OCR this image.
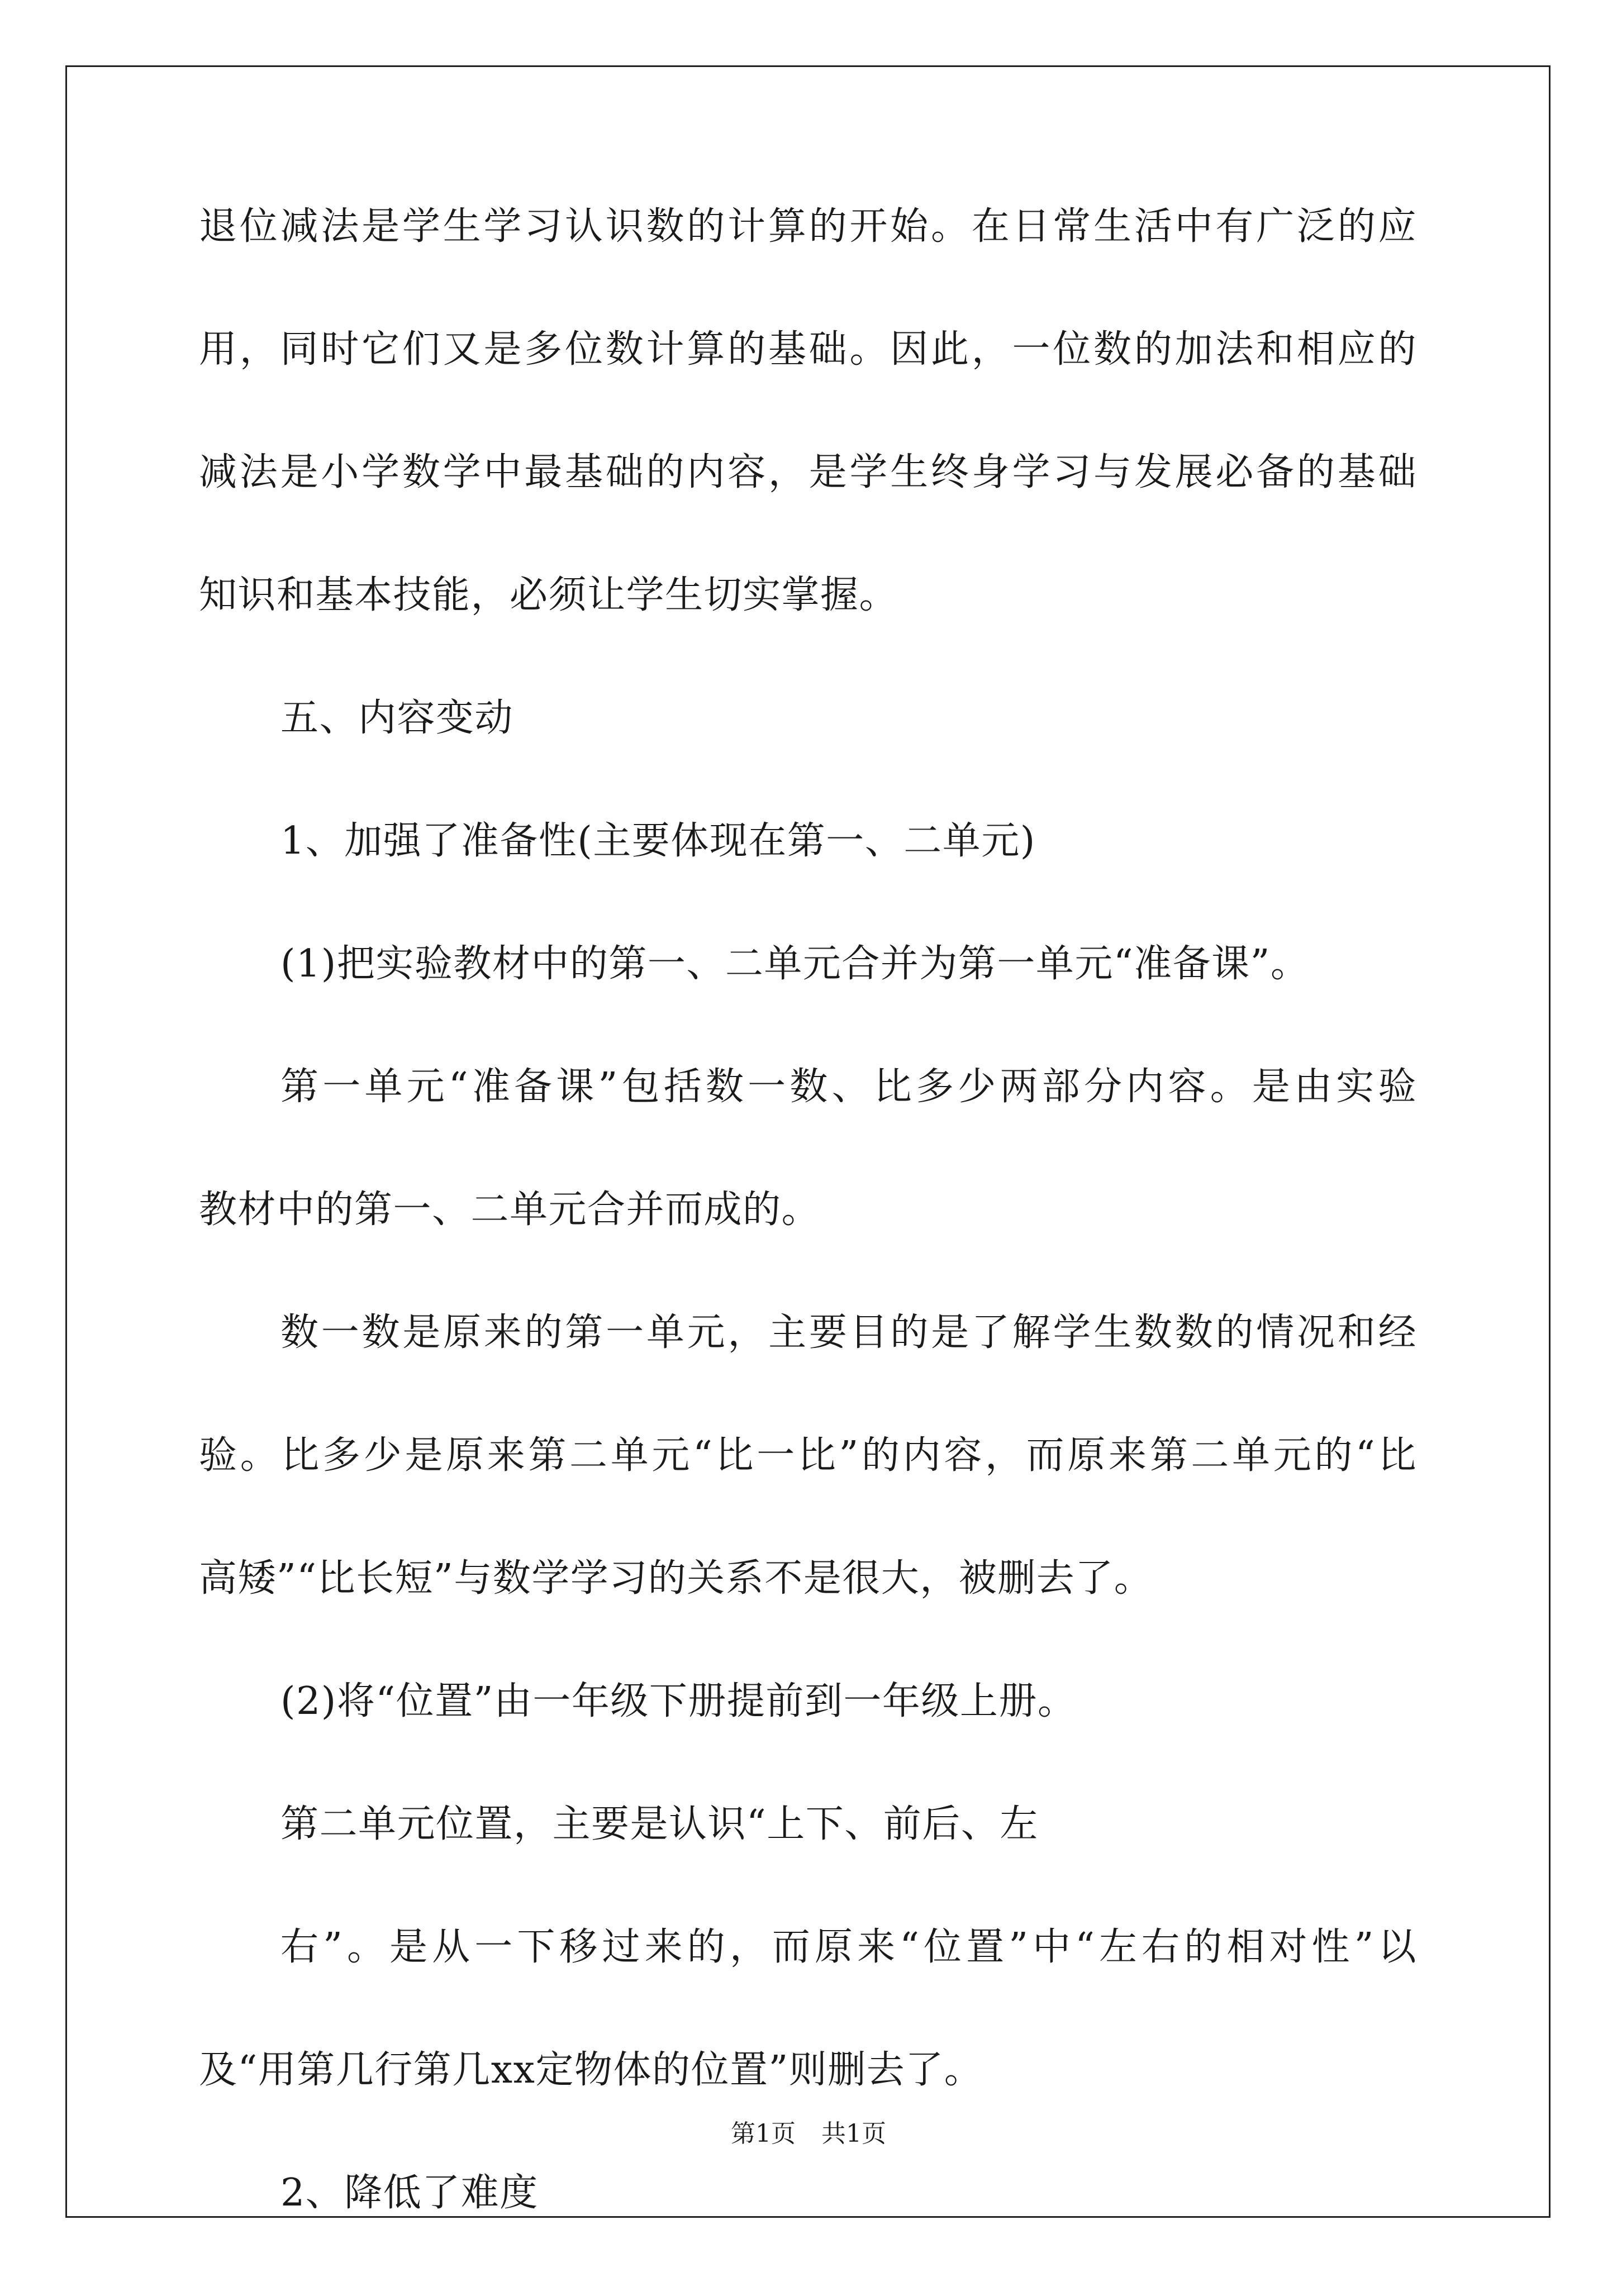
退位减法是学生学习认识数的计算的开始。在日常生活中有广泛的应
用，同时它们又是多位数计算的基础。因此，一位数的加法和相应的
减法是小学数学中最基础的内容，是学生终身学习与发展必备的基础
知识和基本技能，必须让学生切实掌握。
五、内容变动
1、加强了准备性(主要体现在第一、二单元)
(1)把实验教材中的第一、二单元合并为第一单元“准备课”。
第一单元“准备课”包括数一数、比多少两部分内容。是由实验
教材中的第一、二单元合并而成的。
数一数是原来的第一单元，主要目的是了解学生数数的情况和经
验。比多少是原来第二单元“比一比”的内容，而原来第二单元的“比
高矮”“比长短”与数学学习的关系不是很大，被删去了。
(2)将“位置”由一年级下册提前到一年级上册。
第二单元位置，主要是认识“上下、前后、左
右”。是从一下移过来的，而原来“位置”中“左右的相对性”以
及“用第几行第几xx定物体的位置”则删去了。
2、降低了难度
第1页 共1页
